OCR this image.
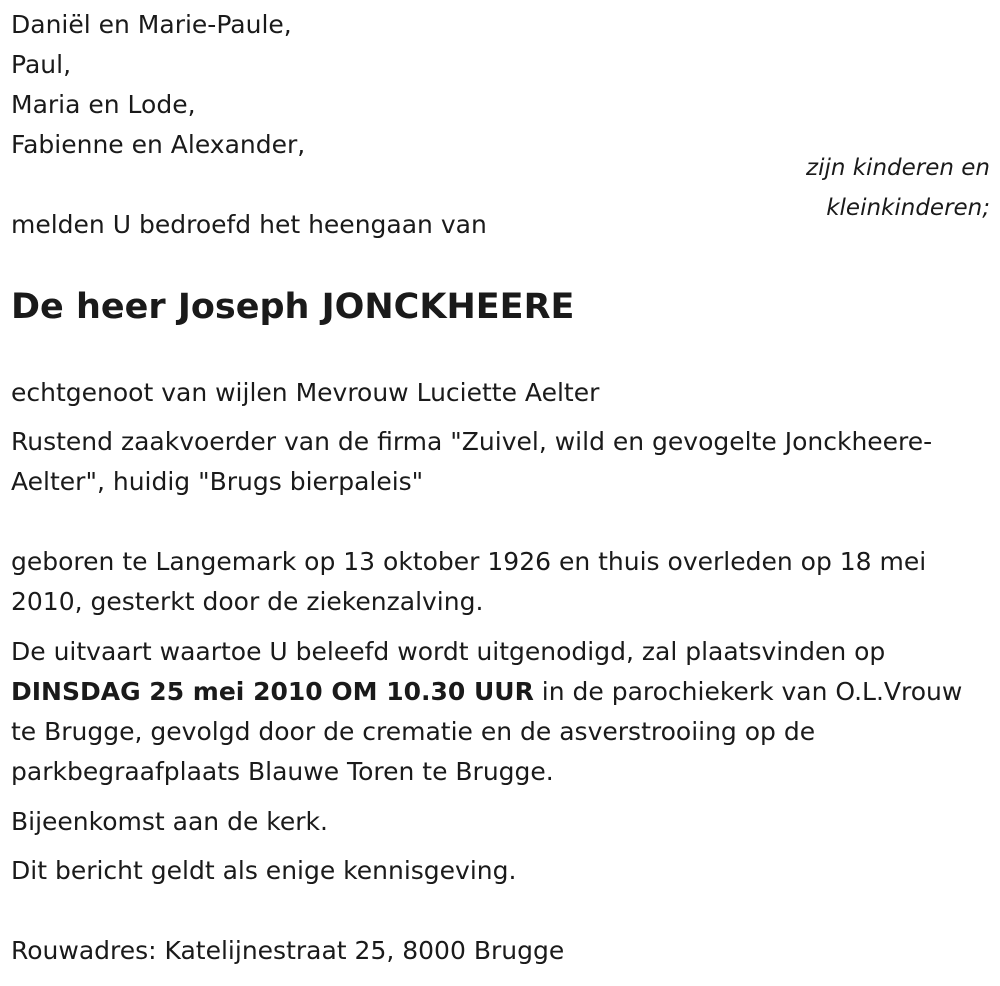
Daniël en Marie-Paule,
Paul,
Maria en Lode,
Fabienne en Alexander,
zijn kinderen en
kleinkinderen;
melden U bedroefd het heengaan van
De heer Joseph JONCKHEERE
echtgenoot van wijlen Mevrouw Luciette Aelter
Rustend zaakvoerder van de firma "Zuivel, wild en gevogelte Jonckheere-
Aelter", huidig "Brugs bierpaleis"
geboren te Langemark op 13 oktober 1926 en thuis overleden op 18 mei
2010, gesterkt door de ziekenzalving.
De uitvaart waartoe U beleefd wordt uitgenodigd, zal plaatsvinden op
DINSDAG 25 mei 2010 OM 10.30 UUR in de parochiekerk van O.L.Vrouw
te Brugge, gevolgd door de crematie en de asverstrooiing op de
parkbegraafplaats Blauwe Toren te Brugge.
Bijeenkomst aan de kerk.
Dit bericht geldt als enige kennisgeving.
Rouwadres: Katelijnestraat 25, 8000 Brugge
